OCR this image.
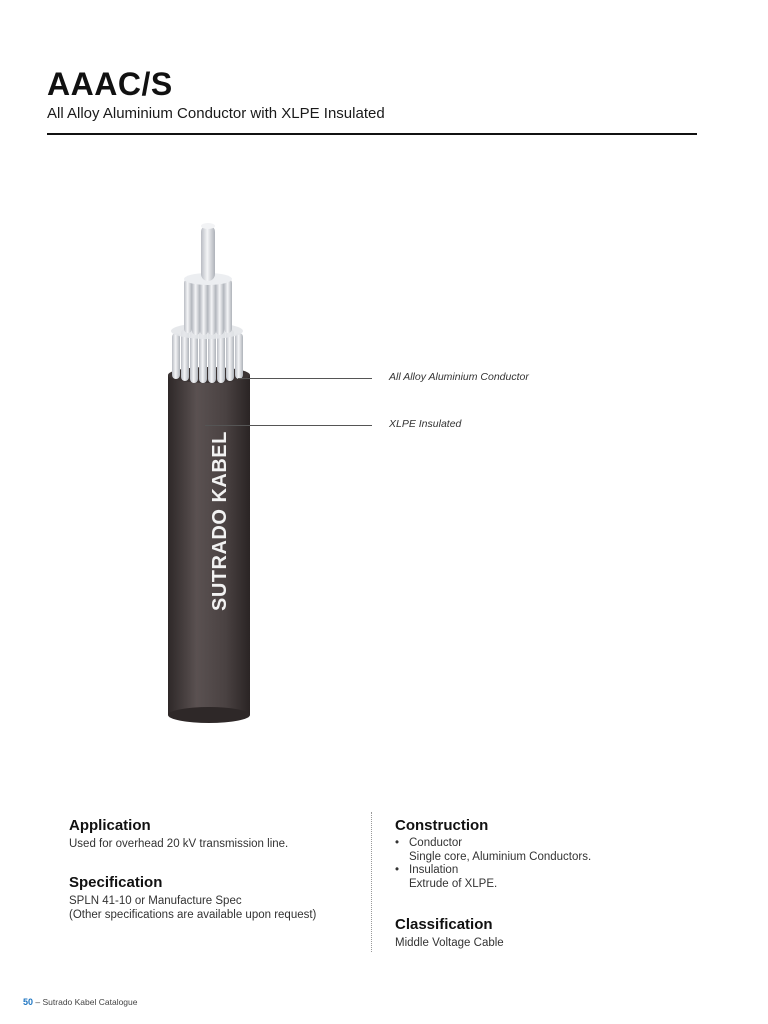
AAAC/S
All Alloy Aluminium Conductor with XLPE Insulated
All Alloy Aluminium Conductor
XLPE Insulated
SUTRADO KABEL
Application
Used for overhead 20 kV transmission line.
Specification
SPLN 41-10 or Manufacture Spec
(Other specifications are available upon request)
Construction
• Conductor
Single core, Aluminium Conductors.
• Insulation
Extrude of XLPE.
Classification
Middle Voltage Cable
50 – Sutrado Kabel Catalogue
